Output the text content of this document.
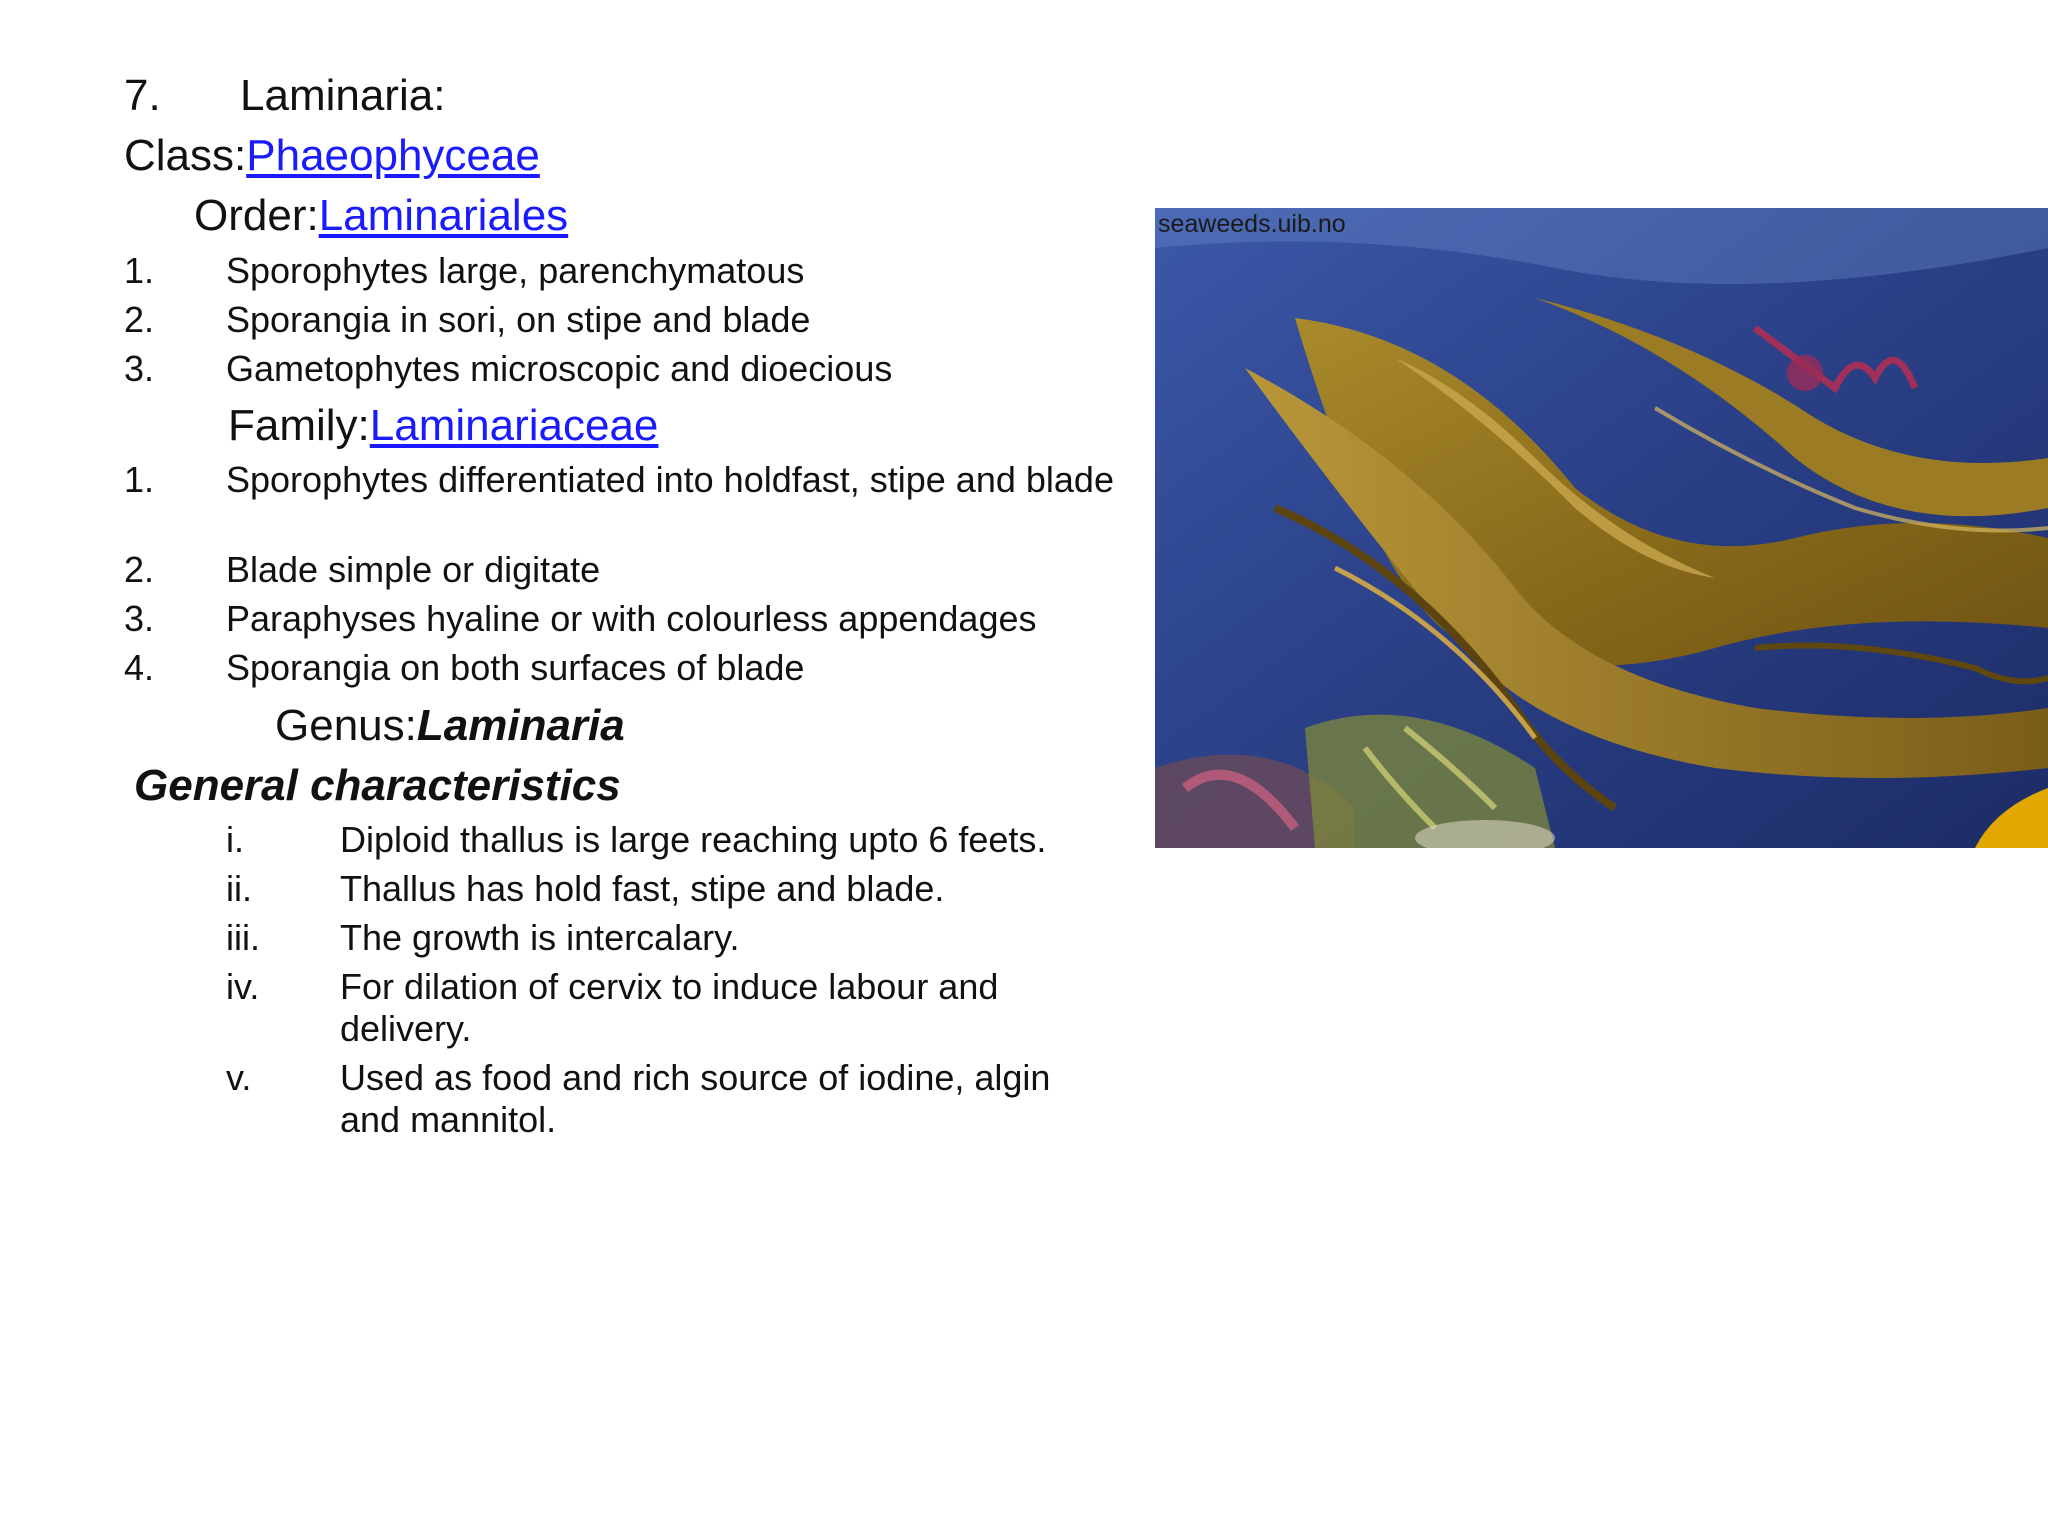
7. Laminaria:
Class:Phaeophyceae
Order:Laminariales
1. Sporophytes large, parenchymatous
2. Sporangia in sori, on stipe and blade
3. Gametophytes microscopic and dioecious
Family:Laminariaceae
1. Sporophytes differentiated into holdfast, stipe and blade
2. Blade simple or digitate
3. Paraphyses hyaline or with colourless appendages
4. Sporangia on both surfaces of blade
Genus:Laminaria
General characteristics
i.	Diploid thallus is large reaching upto 6 feets.
ii. Thallus has hold fast, stipe and blade.
iii. The growth is intercalary.
iv. For dilation of cervix to induce labour and delivery.
v. Used as food and rich source of iodine, algin and mannitol.
seaweeds.uib.no
